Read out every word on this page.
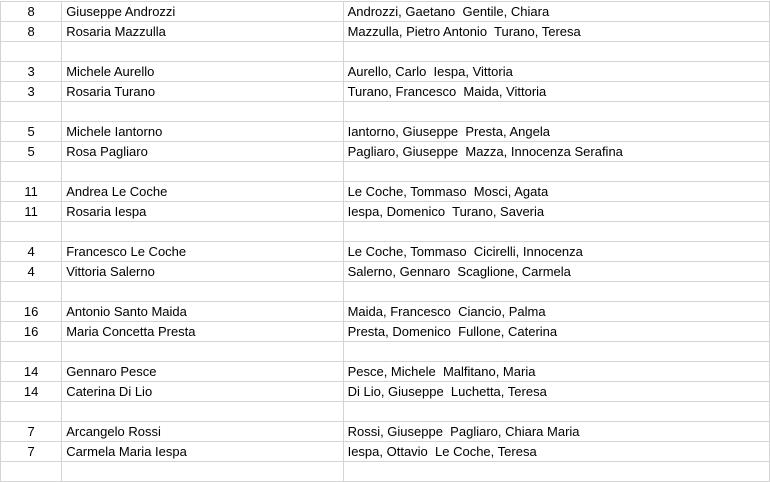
8	Giuseppe Androzzi	Androzzi, Gaetano  Gentile, Chiara
8	Rosaria Mazzulla	Mazzulla, Pietro Antonio  Turano, Teresa

3	Michele Aurello	Aurello, Carlo  Iespa, Vittoria
3	Rosaria Turano	Turano, Francesco  Maida, Vittoria

5	Michele Iantorno	Iantorno, Giuseppe  Presta, Angela
5	Rosa Pagliaro	Pagliaro, Giuseppe  Mazza, Innocenza Serafina

11	Andrea Le Coche	Le Coche, Tommaso  Mosci, Agata
11	Rosaria Iespa	Iespa, Domenico  Turano, Saveria

4	Francesco Le Coche	Le Coche, Tommaso  Cicirelli, Innocenza
4	Vittoria Salerno	Salerno, Gennaro  Scaglione, Carmela

16	Antonio Santo Maida	Maida, Francesco  Ciancio, Palma
16	Maria Concetta Presta	Presta, Domenico  Fullone, Caterina

14	Gennaro Pesce	Pesce, Michele  Malfitano, Maria
14	Caterina Di Lio	Di Lio, Giuseppe  Luchetta, Teresa

7	Arcangelo Rossi	Rossi, Giuseppe  Pagliaro, Chiara Maria
7	Carmela Maria Iespa	Iespa, Ottavio  Le Coche, Teresa
